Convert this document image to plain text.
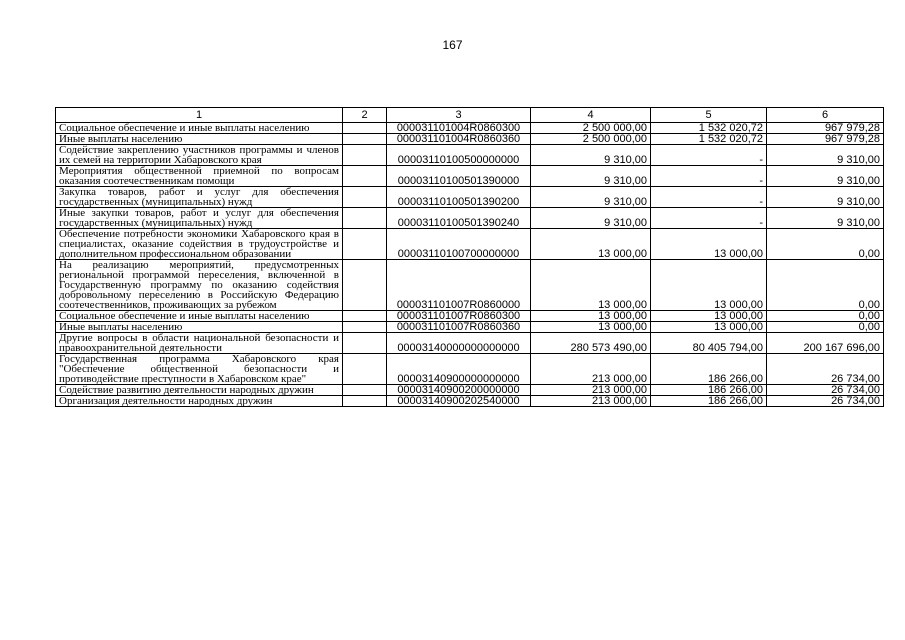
167
1	2	3	4	5	6
Социальное обеспечение и иные выплаты населению		000031101004R0860300	2 500 000,00	1 532 020,72	967 979,28
Иные выплаты населению		000031101004R0860360	2 500 000,00	1 532 020,72	967 979,28
Содействие закреплению участников программы и членов их семей на территории Хабаровского края		00003110100500000000	9 310,00	-	9 310,00
Мероприятия общественной приемной по вопросам оказания соотечественникам помощи		00003110100501390000	9 310,00	-	9 310,00
Закупка товаров, работ и услуг для обеспечения государственных (муниципальных) нужд		00003110100501390200	9 310,00	-	9 310,00
Иные закупки товаров, работ и услуг для обеспечения государственных (муниципальных) нужд		00003110100501390240	9 310,00	-	9 310,00
Обеспечение потребности экономики Хабаровского края в специалистах, оказание содействия в трудоустройстве и дополнительном профессиональном образовании		00003110100700000000	13 000,00	13 000,00	0,00
На реализацию мероприятий, предусмотренных региональной программой переселения, включенной в Государственную программу по оказанию содействия добровольному переселению в Российскую Федерацию соотечественников, проживающих за рубежом		000031101007R0860000	13 000,00	13 000,00	0,00
Социальное обеспечение и иные выплаты населению		000031101007R0860300	13 000,00	13 000,00	0,00
Иные выплаты населению		000031101007R0860360	13 000,00	13 000,00	0,00
Другие вопросы в области национальной безопасности и правоохранительной деятельности		00003140000000000000	280 573 490,00	80 405 794,00	200 167 696,00
Государственная программа Хабаровского края "Обеспечение общественной безопасности и противодействие преступности в Хабаровском крае"		00003140900000000000	213 000,00	186 266,00	26 734,00
Содействие развитию деятельности народных дружин		00003140900200000000	213 000,00	186 266,00	26 734,00
Организация деятельности народных дружин		00003140900202540000	213 000,00	186 266,00	26 734,00
